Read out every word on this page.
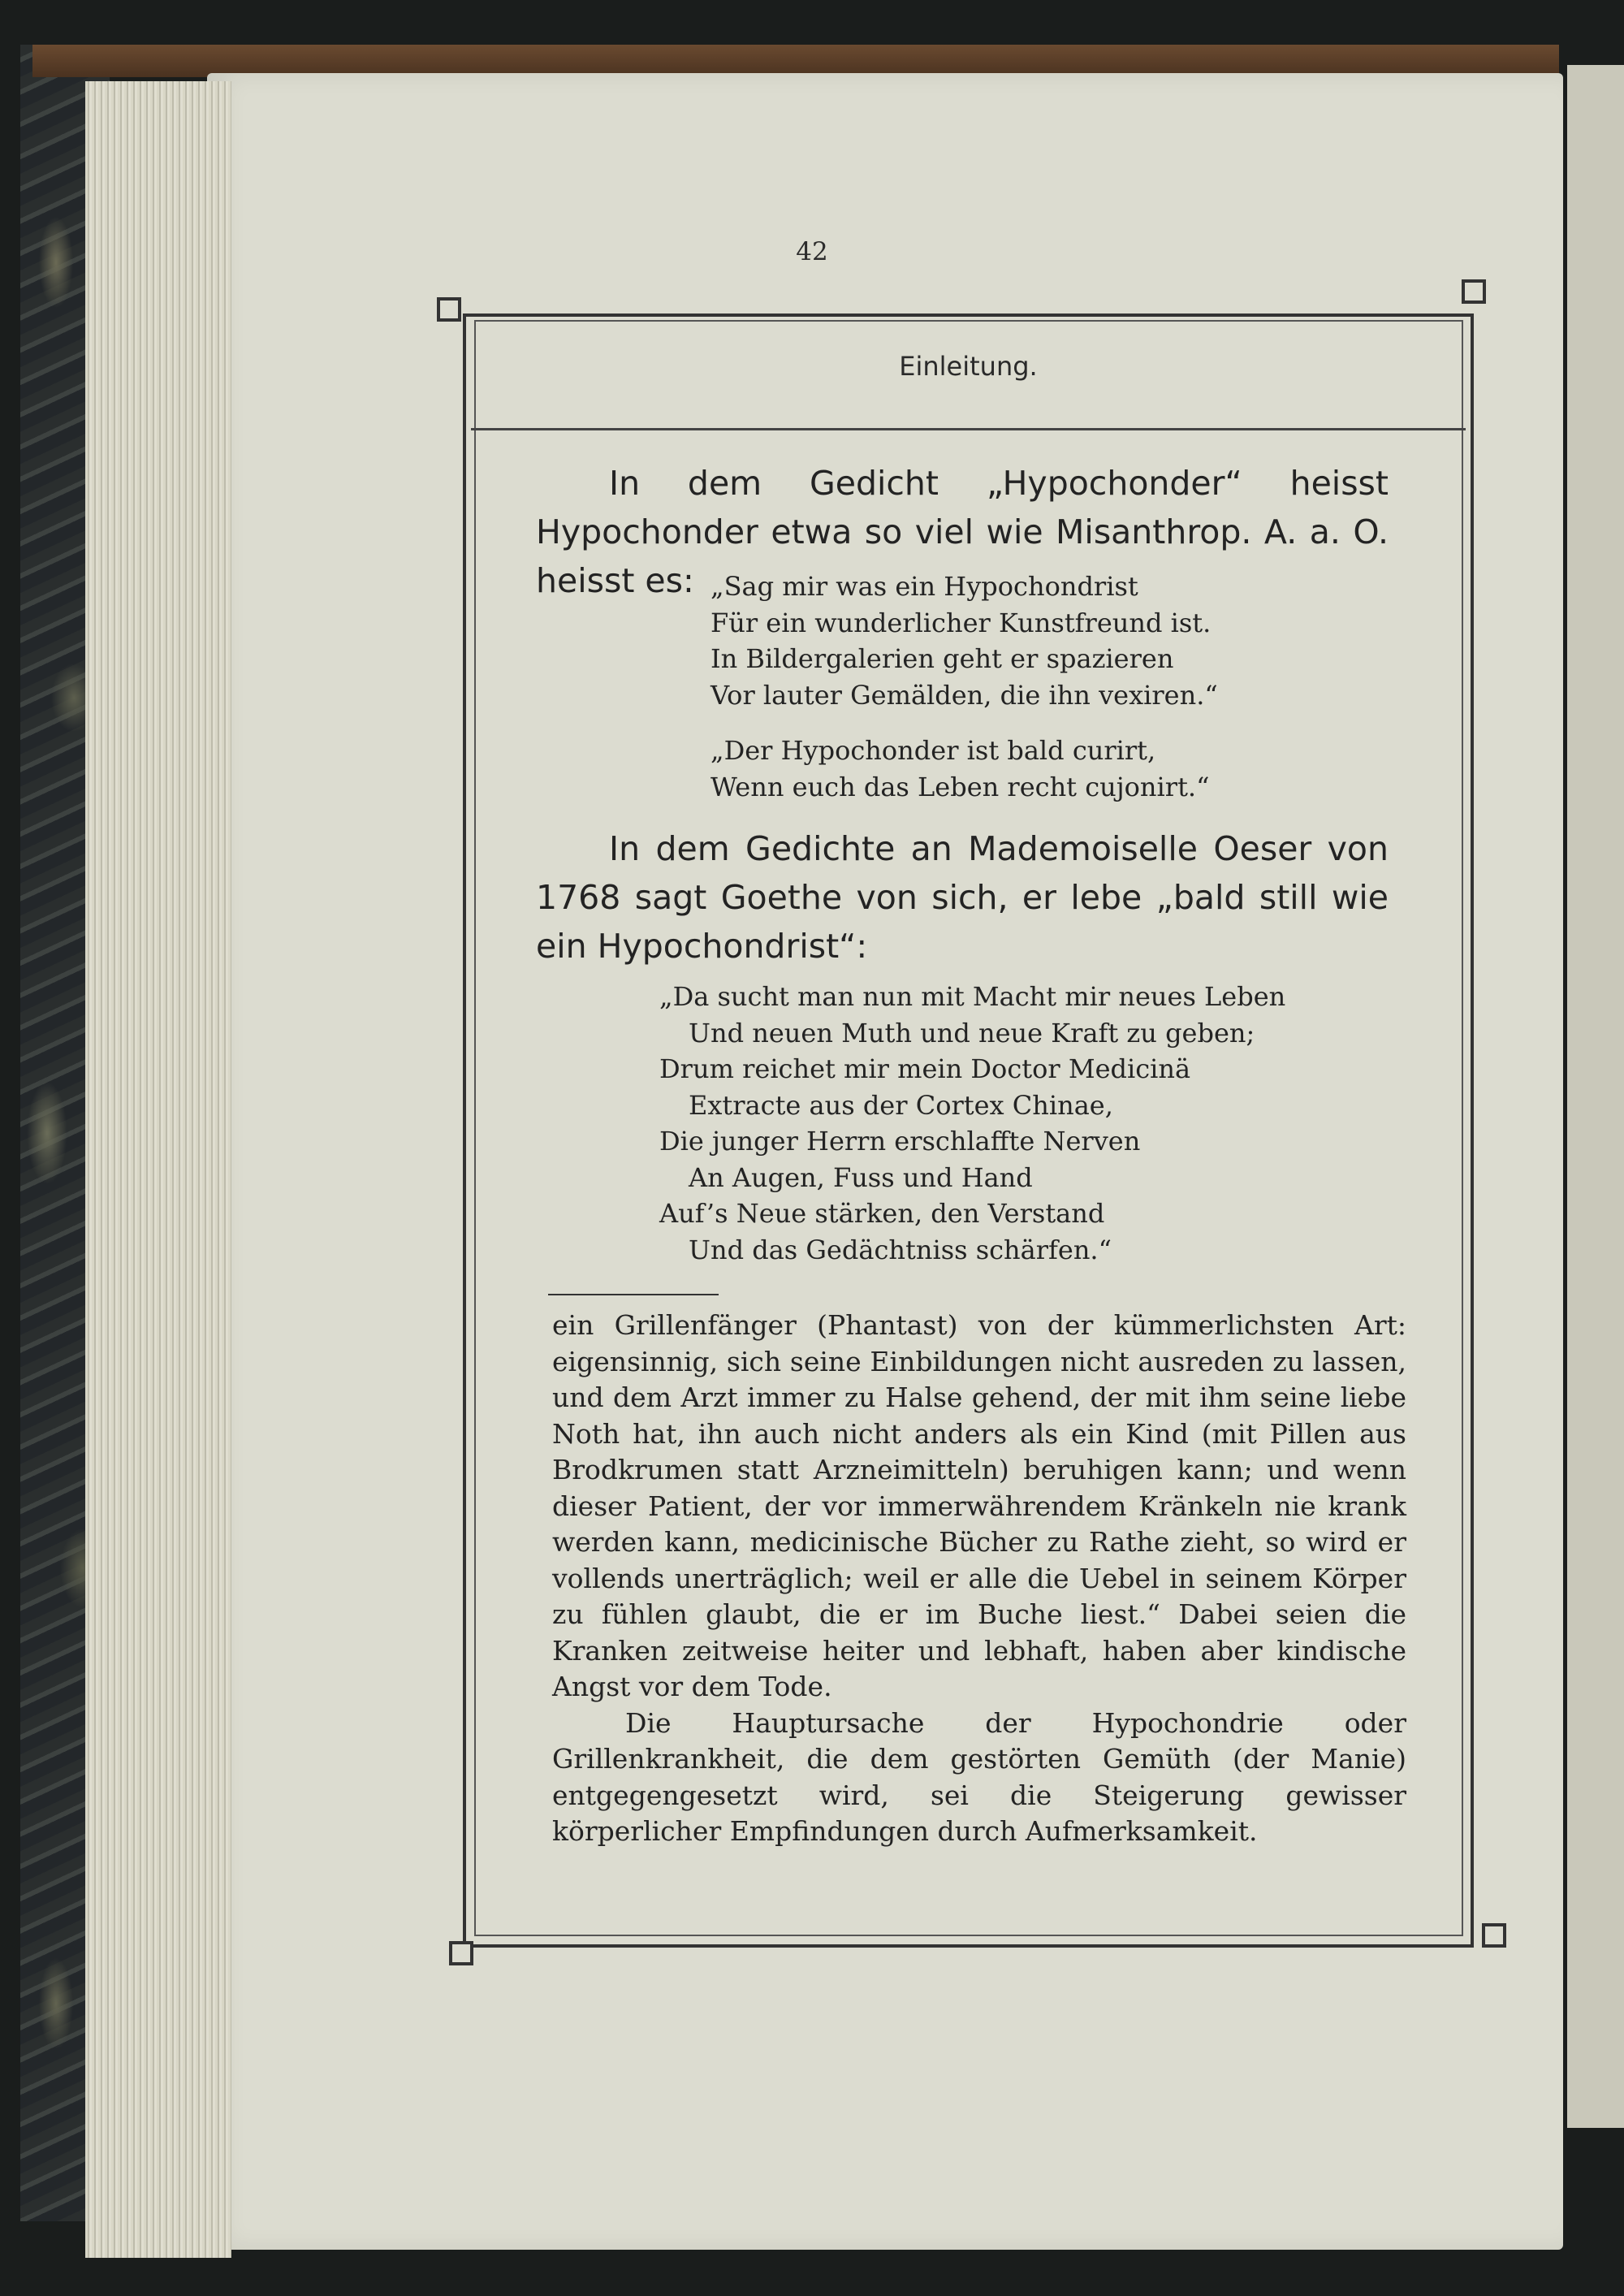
42
Einleitung.
In dem Gedicht „Hypochonder“ heisst Hypochonder etwa so viel wie Misanthrop. A. a. O. heisst es: „Sag mir was ein Hypochondrist
Für ein wunderlicher Kunstfreund ist.
In Bildergalerien geht er spazieren
Vor lauter Gemälden, die ihn vexiren.“
„Der Hypochonder ist bald curirt,
Wenn euch das Leben recht cujonirt.“
In dem Gedichte an Mademoiselle Oeser von 1768 sagt Goethe von sich, er lebe „bald still wie ein Hypochondrist“:
„Da sucht man nun mit Macht mir neues Leben
Und neuen Muth und neue Kraft zu geben;
Drum reichet mir mein Doctor Medicinä
Extracte aus der Cortex Chinae,
Die junger Herrn erschlaffte Nerven
An Augen, Fuss und Hand
Auf’s Neue stärken, den Verstand
Und das Gedächtniss schärfen.“

ein Grillenfänger (Phantast) von der kümmerlichsten Art: eigensinnig, sich seine Einbildungen nicht ausreden zu lassen, und dem Arzt immer zu Halse gehend, der mit ihm seine liebe Noth hat, ihn auch nicht anders als ein Kind (mit Pillen aus Brodkrumen statt Arzneimitteln) beruhigen kann; und wenn dieser Patient, der vor immerwährendem Kränkeln nie krank werden kann, medicinische Bücher zu Rathe zieht, so wird er vollends unerträglich; weil er alle die Uebel in seinem Körper zu fühlen glaubt, die er im Buche liest.“ Dabei seien die Kranken zeitweise heiter und lebhaft, haben aber kindische Angst vor dem Tode.

Die Hauptursache der Hypochondrie oder Grillenkrankheit, die dem gestörten Gemüth (der Manie) entgegengesetzt wird, sei die Steigerung gewisser körperlicher Empfindungen durch Aufmerksamkeit.
